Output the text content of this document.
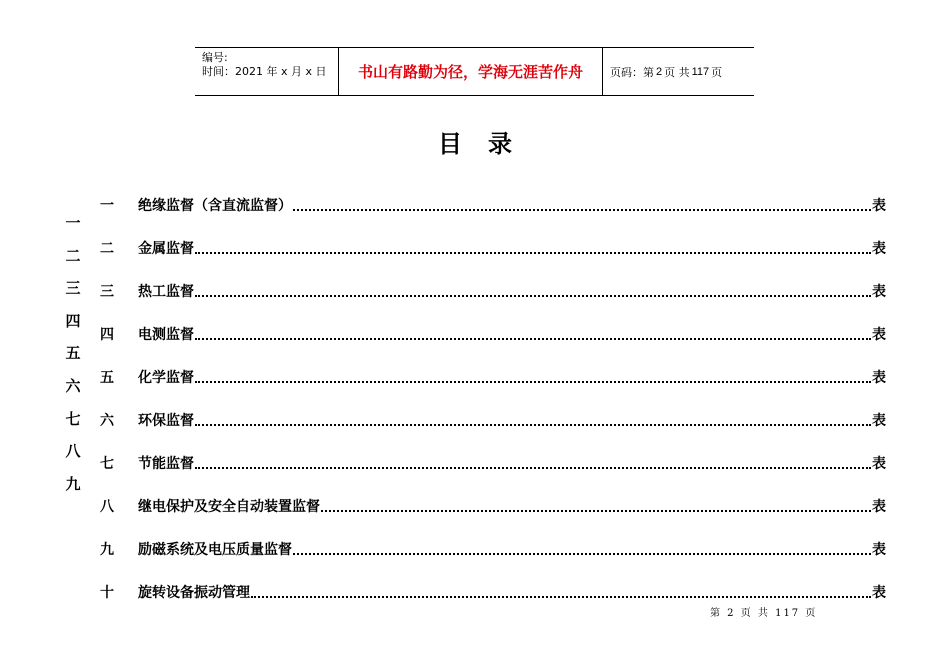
编号:
时间：2021 年 x 月 x 日	书山有路勤为径，学海无涯苦作舟	页码：第 2 页 共 117 页
目录
一
二
三
四
五
六
七
八
九
一	绝缘监督（含直流监督）	表
二	金属监督	表
三	热工监督	表
四	电测监督	表
五	化学监督	表
六	环保监督	表
七	节能监督	表
八	继电保护及安全自动装置监督	表
九	励磁系统及电压质量监督	表
十	旋转设备振动管理	表
第 2 页 共 117 页
